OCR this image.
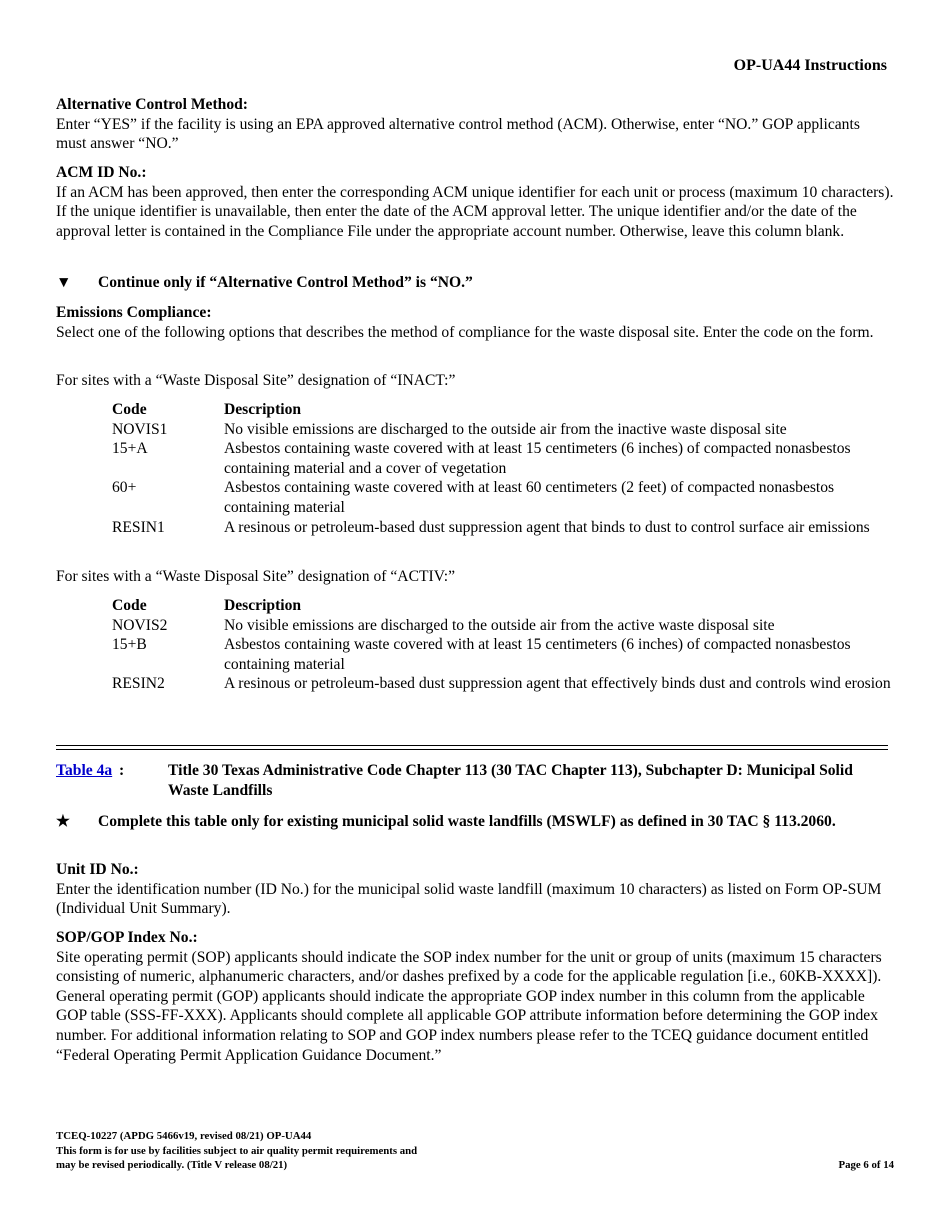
OP-UA44 Instructions
Alternative Control Method:

Enter “YES” if the facility is using an EPA approved alternative control method (ACM). Otherwise, enter “NO.” GOP applicants must answer “NO.”

ACM ID No.:

If an ACM has been approved, then enter the corresponding ACM unique identifier for each unit or process (maximum 10 characters). If the unique identifier is unavailable, then enter the date of the ACM approval letter. The unique identifier and/or the date of the approval letter is contained in the Compliance File under the appropriate account number. Otherwise, leave this column blank.

▼ Continue only if “Alternative Control Method” is “NO.”
Emissions Compliance:

Select one of the following options that describes the method of compliance for the waste disposal site. Enter the code on the form.

For sites with a “Waste Disposal Site” designation of “INACT:”
Code	Description
NOVIS1	No visible emissions are discharged to the outside air from the inactive waste disposal site
15+A	Asbestos containing waste covered with at least 15 centimeters (6 inches) of compacted nonasbestos containing material and a cover of vegetation
60+	Asbestos containing waste covered with at least 60 centimeters (2 feet) of compacted nonasbestos containing material
RESIN1	A resinous or petroleum-based dust suppression agent that binds to dust to control surface air emissions
For sites with a “Waste Disposal Site” designation of “ACTIV:”
Code	Description
NOVIS2	No visible emissions are discharged to the outside air from the active waste disposal site
15+B	Asbestos containing waste covered with at least 15 centimeters (6 inches) of compacted nonasbestos containing material
RESIN2	A resinous or petroleum-based dust suppression agent that effectively binds dust and controls wind erosion
Table 4a :	Title 30 Texas Administrative Code Chapter 113 (30 TAC Chapter 113), Subchapter D: Municipal Solid Waste Landfills
★ Complete this table only for existing municipal solid waste landfills (MSWLF) as defined in 30 TAC § 113.2060.
Unit ID No.:

Enter the identification number (ID No.) for the municipal solid waste landfill (maximum 10 characters) as listed on Form OP-SUM (Individual Unit Summary).

SOP/GOP Index No.:

Site operating permit (SOP) applicants should indicate the SOP index number for the unit or group of units (maximum 15 characters consisting of numeric, alphanumeric characters, and/or dashes prefixed by a code for the applicable regulation [i.e., 60KB-XXXX]). General operating permit (GOP) applicants should indicate the appropriate GOP index number in this column from the applicable GOP table (SSS-FF-XXX). Applicants should complete all applicable GOP attribute information before determining the GOP index number. For additional information relating to SOP and GOP index numbers please refer to the TCEQ guidance document entitled “Federal Operating Permit Application Guidance Document.”

TCEQ-10227 (APDG 5466v19, revised 08/21) OP-UA44
This form is for use by facilities subject to air quality permit requirements and
may be revised periodically. (Title V release 08/21)	Page 6 of 14
